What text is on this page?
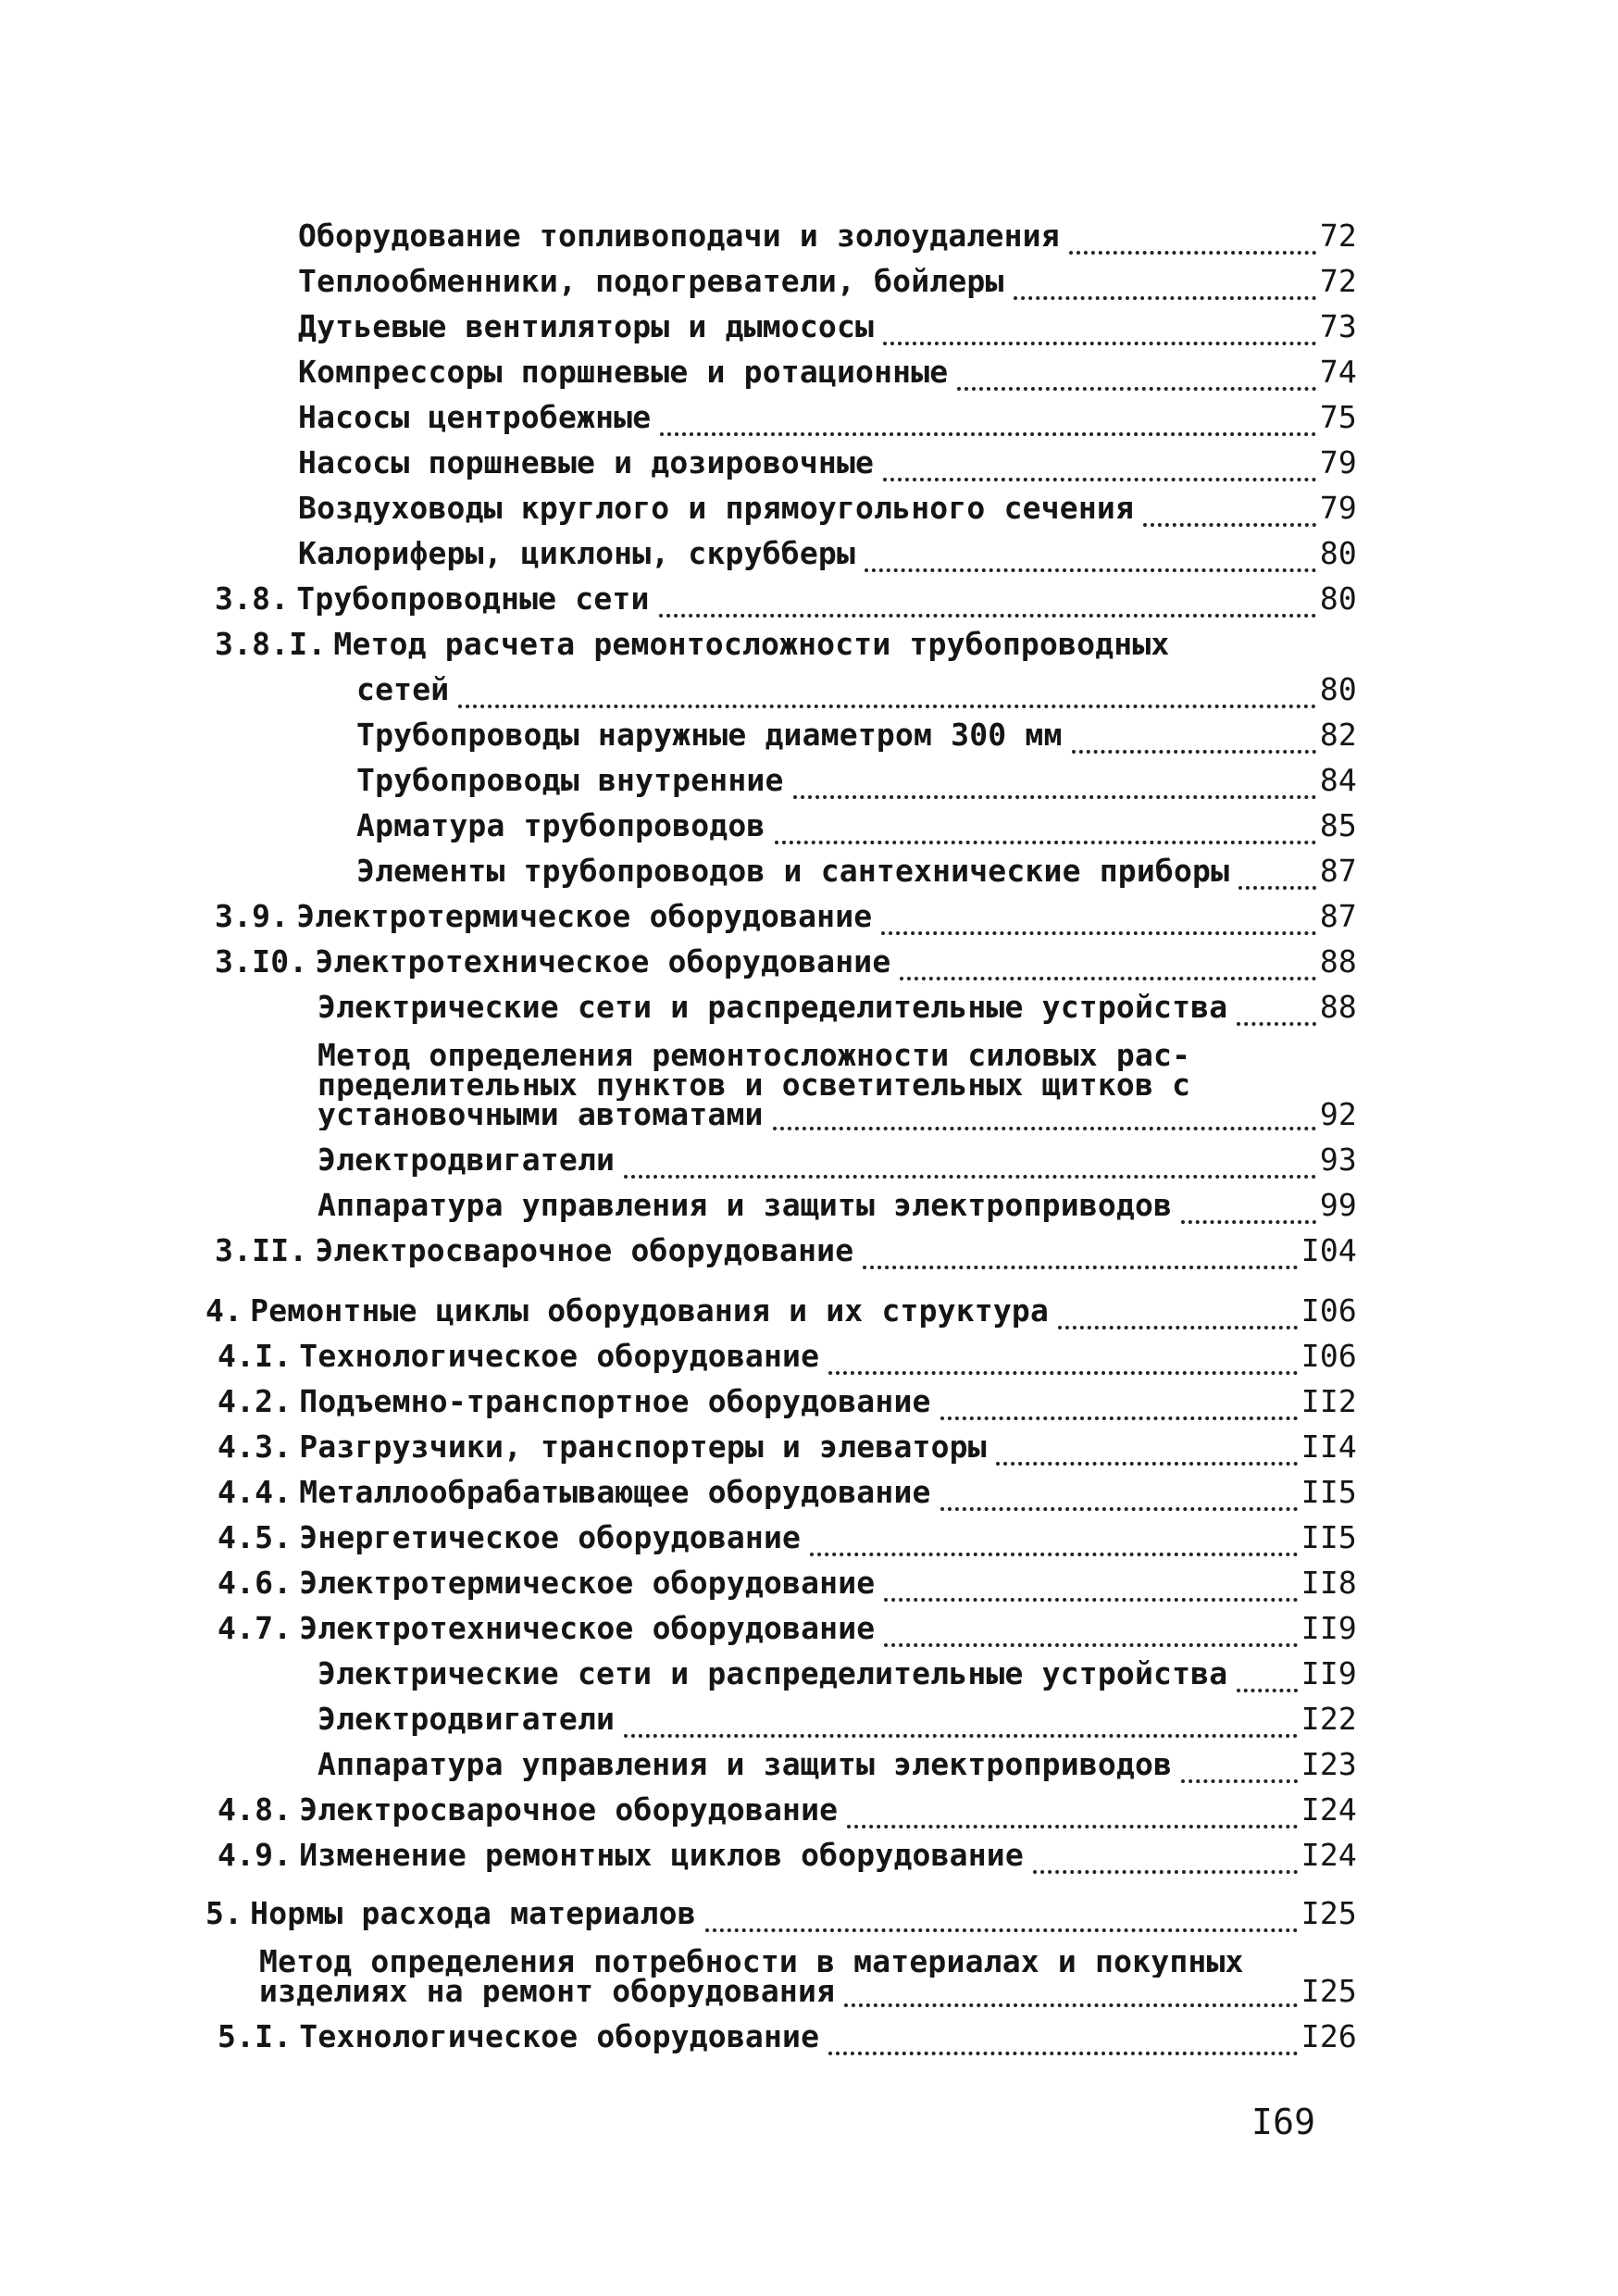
Оборудование топливоподачи и золоудаления	72
Теплообменники, подогреватели, бойлеры	72
Дутьевые вентиляторы и дымососы	73
Компрессоры поршневые и ротационные	74
Насосы центробежные	75
Насосы поршневые и дозировочные	79
Воздуховоды круглого и прямоугольного сечения	79
Калориферы, циклоны, скрубберы	80
3.8. Трубопроводные сети	80
3.8.I. Метод расчета ремонтосложности трубопроводных
сетей	80
Трубопроводы наружные диаметром 300 мм	82
Трубопроводы внутренние	84
Арматура трубопроводов	85
Элементы трубопроводов и сантехнические приборы	87
3.9. Электротермическое оборудование	87
3.I0. Электротехническое оборудование	88
Электрические сети и распределительные устройства	88
Метод определения ремонтосложности силовых рас-
пределительных пунктов и осветительных щитков с
установочными автоматами	92
Электродвигатели	93
Аппаратура управления и защиты электроприводов	99
3.II. Электросварочное оборудование	I04
4. Ремонтные циклы оборудования и их структура	I06
4.I. Технологическое оборудование	I06
4.2. Подъемно-транспортное оборудование	II2
4.3. Разгрузчики, транспортеры и элеваторы	II4
4.4. Металлообрабатывающее оборудование	II5
4.5. Энергетическое оборудование	II5
4.6. Электротермическое оборудование	II8
4.7. Электротехническое оборудование	II9
Электрические сети и распределительные устройства II9
Электродвигатели	I22
Аппаратура управления и защиты электроприводов	I23
4.8. Электросварочное оборудование	I24
4.9. Изменение ремонтных циклов оборудование	I24
5. Нормы расхода материалов	I25
Метод определения потребности в материалах и покупных
изделиях на ремонт оборудования	I25
5.I. Технологическое оборудование	I26
I69
